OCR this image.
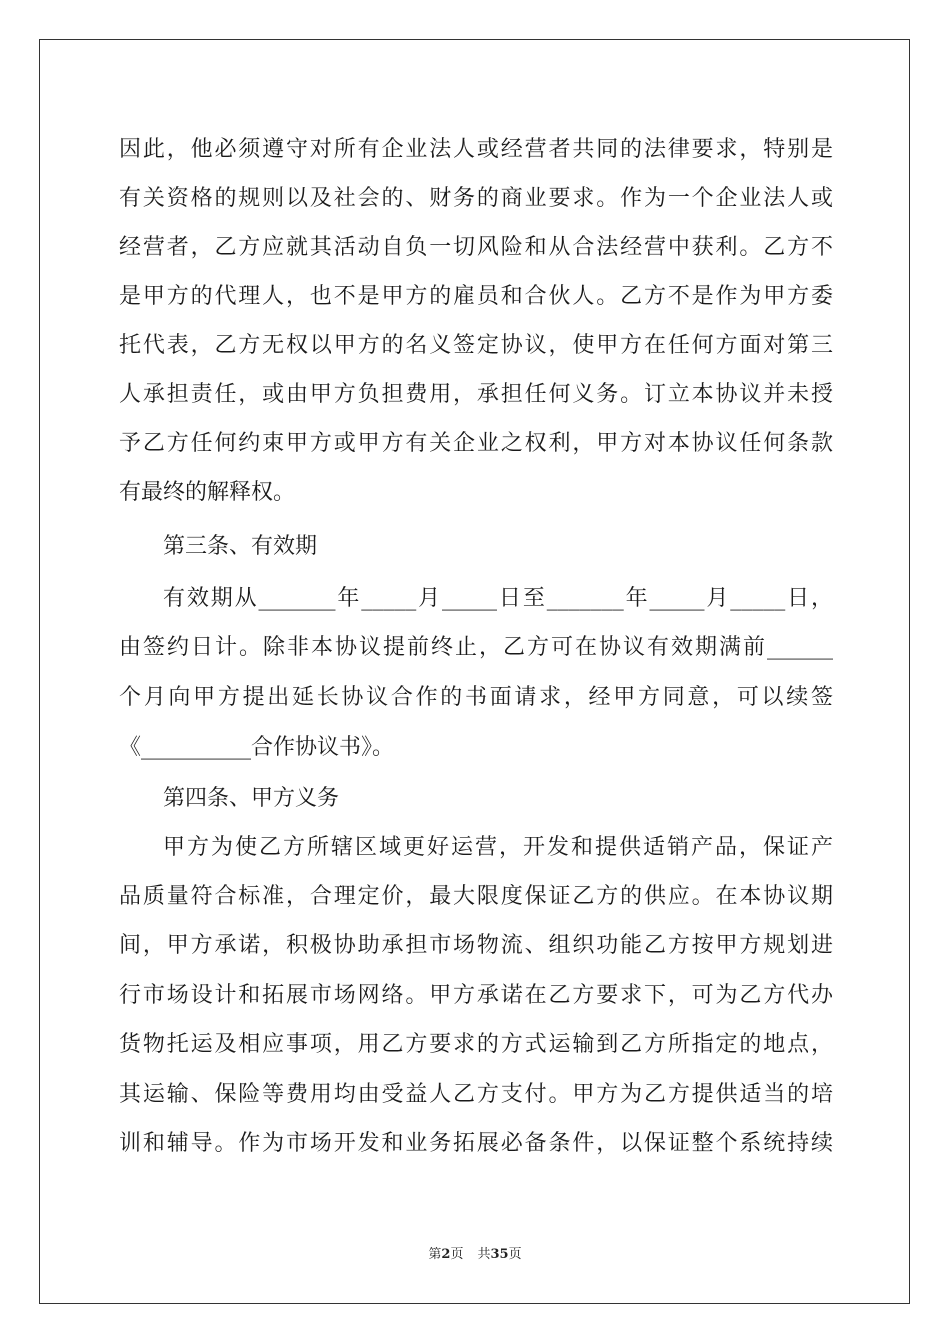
因此，他必须遵守对所有企业法人或经营者共同的法律要求，特别是
有关资格的规则以及社会的、财务的商业要求。作为一个企业法人或
经营者，乙方应就其活动自负一切风险和从合法经营中获利。乙方不
是甲方的代理人，也不是甲方的雇员和合伙人。乙方不是作为甲方委
托代表，乙方无权以甲方的名义签定协议，使甲方在任何方面对第三
人承担责任，或由甲方负担费用，承担任何义务。订立本协议并未授
予乙方任何约束甲方或甲方有关企业之权利，甲方对本协议任何条款
有最终的解释权。
第三条、有效期
有效期从_______年_____月_____日至_______年_____月_____日，
由签约日计。除非本协议提前终止，乙方可在协议有效期满前______
个月向甲方提出延长协议合作的书面请求，经甲方同意，可以续签
《__________合作协议书》。
第四条、甲方义务
甲方为使乙方所辖区域更好运营，开发和提供适销产品，保证产
品质量符合标准，合理定价，最大限度保证乙方的供应。在本协议期
间，甲方承诺，积极协助承担市场物流、组织功能乙方按甲方规划进
行市场设计和拓展市场网络。甲方承诺在乙方要求下，可为乙方代办
货物托运及相应事项，用乙方要求的方式运输到乙方所指定的地点，
其运输、保险等费用均由受益人乙方支付。甲方为乙方提供适当的培
训和辅导。作为市场开发和业务拓展必备条件，以保证整个系统持续
第2页 共35页
